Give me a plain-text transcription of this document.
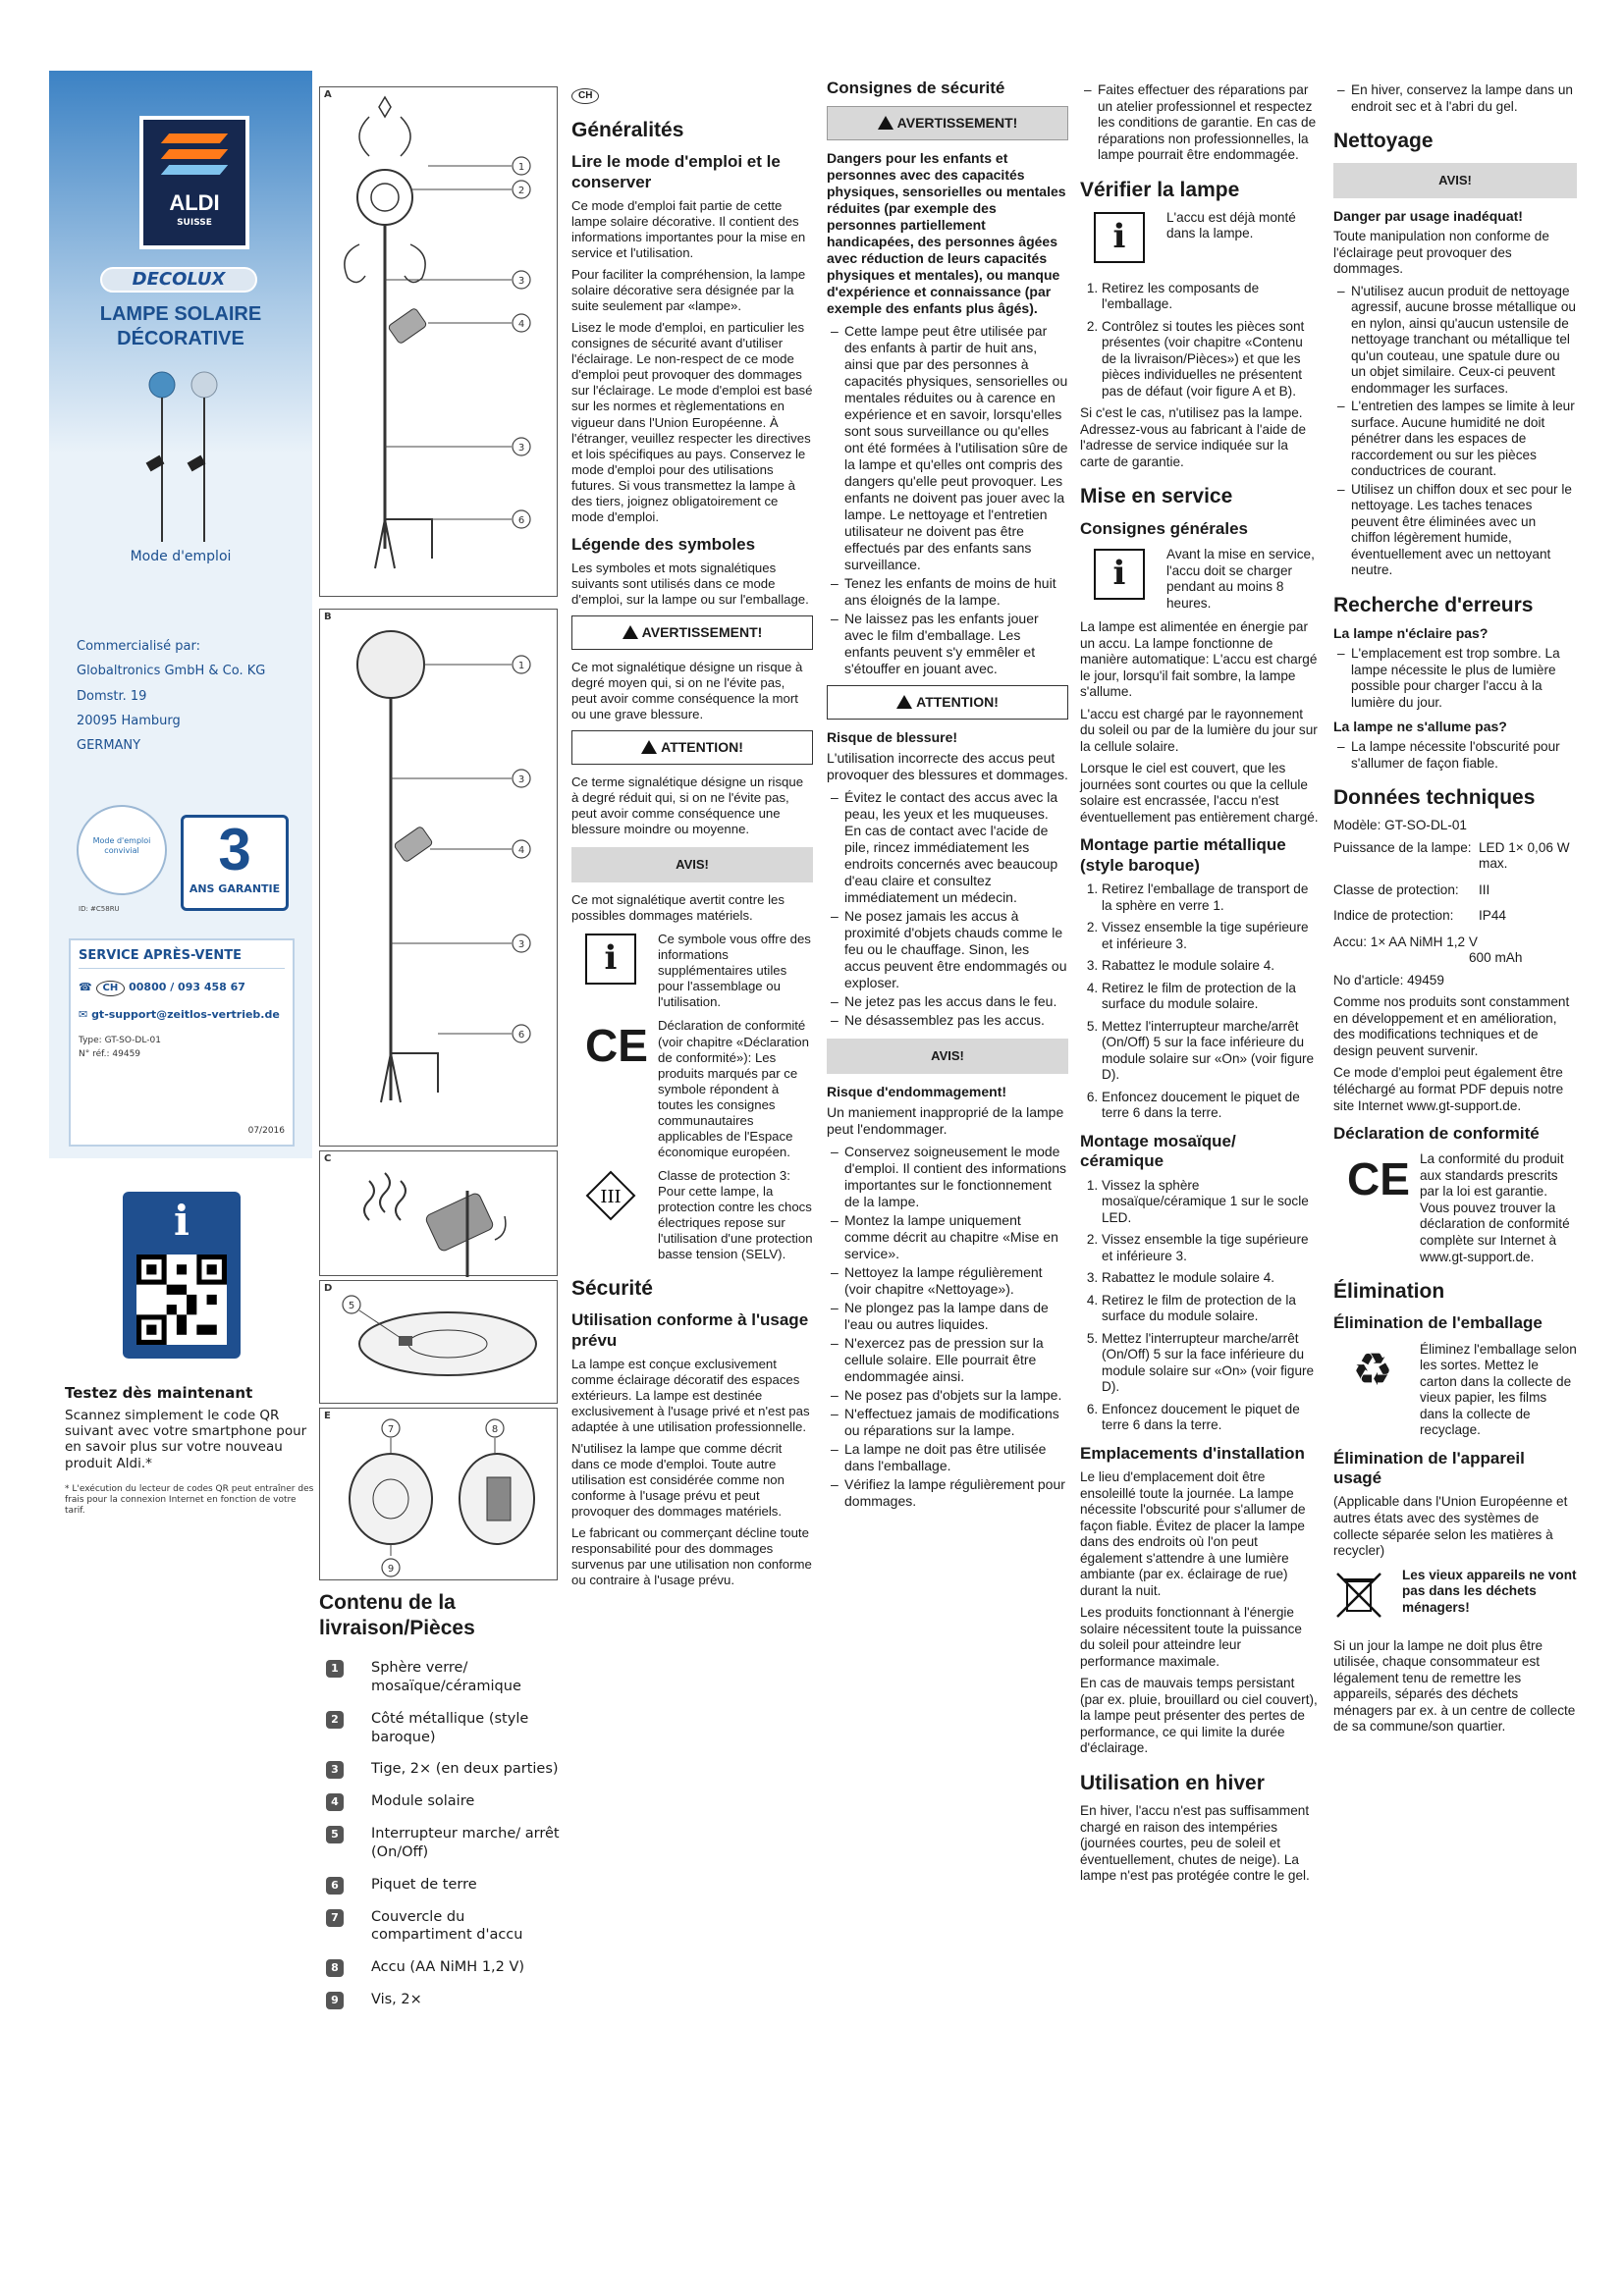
ALDI
SUISSE
DECOLUX
LAMPE SOLAIRE DÉCORATIVE
Mode d'emploi
Commercialisé par:
Globaltronics GmbH & Co. KG
Domstr. 19
20095 Hamburg
GERMANY
Mode d'emploi convivial
ID: #C58RU
3
ANS GARANTIE
SERVICE APRÈS-VENTE
☎ CH 00800 / 093 458 67
✉ gt-support@zeitlos-vertrieb.de
Type: GT-SO-DL-01
N° réf.: 49459
07/2016
i
Testez dès maintenant
Scannez simplement le code QR suivant avec votre smartphone pour en savoir plus sur votre nouveau produit Aldi.*
* L'exécution du lecteur de codes QR peut entraîner des frais pour la connexion Internet en fonction de votre tarif.
A
1
2
3
4
3
6
B
1
3
4
3
6
C
D
5
E
7	8
9
Contenu de la livraison/Pièces
1	Sphère verre/ mosaïque/céramique
2	Côté métallique (style baroque)
3	Tige, 2× (en deux parties)
4	Module solaire
5	Interrupteur marche/ arrêt (On/Off)
6	Piquet de terre
7	Couvercle du compartiment d'accu
8	Accu (AA NiMH 1,2 V)
9	Vis, 2×
CH
Généralités
Lire le mode d'emploi et le conserver

Ce mode d'emploi fait partie de cette lampe solaire décorative. Il contient des informations importantes pour la mise en service et l'utilisation.

Pour faciliter la compréhension, la lampe solaire décorative sera désignée par la suite seulement par «lampe».

Lisez le mode d'emploi, en particulier les consignes de sécurité avant d'utiliser l'éclairage. Le non-respect de ce mode d'emploi peut provoquer des dommages sur l'éclairage. Le mode d'emploi est basé sur les normes et règlementations en vigueur dans l'Union Européenne. À l'étranger, veuillez respecter les directives et lois spécifiques au pays. Conservez le mode d'emploi pour des utilisations futures. Si vous transmettez la lampe à des tiers, joignez obligatoirement ce mode d'emploi.

Légende des symboles

Les symboles et mots signalétiques suivants sont utilisés dans ce mode d'emploi, sur la lampe ou sur l'emballage.

AVERTISSEMENT!

Ce mot signalétique désigne un risque à degré moyen qui, si on ne l'évite pas, peut avoir comme conséquence la mort ou une grave blessure.

ATTENTION!

Ce terme signalétique désigne un risque à degré réduit qui, si on ne l'évite pas, peut avoir comme conséquence une blessure moindre ou moyenne.

AVIS!

Ce mot signalétique avertit contre les possibles dommages matériels.

i	Ce symbole vous offre des informations supplémentaires utiles pour l'assemblage ou l'utilisation.
CE Déclaration de conformité (voir chapitre «Déclaration de conformité»): Les produits marqués par ce symbole répondent à toutes les consignes communautaires applicables de l'Espace économique européen.
III
Classe de protection 3: Pour cette lampe, la protection contre les chocs électriques repose sur l'utilisation d'une protection basse tension (SELV).
Sécurité
Utilisation conforme à l'usage prévu

La lampe est conçue exclusivement comme éclairage décoratif des espaces extérieurs. La lampe est destinée exclusivement à l'usage privé et n'est pas adaptée à une utilisation professionnelle.

N'utilisez la lampe que comme décrit dans ce mode d'emploi. Toute autre utilisation est considérée comme non conforme à l'usage prévu et peut provoquer des dommages matériels.

Le fabricant ou commerçant décline toute responsabilité pour des dommages survenus par une utilisation non conforme ou contraire à l'usage prévu.

Consignes de sécurité
AVERTISSEMENT!

Dangers pour les enfants et personnes avec des capacités physiques, sensorielles ou mentales réduites (par exemple des personnes partiellement handicapées, des personnes âgées avec réduction de leurs capacités physiques et mentales), ou manque d'expérience et connaissance (par exemple des enfants plus âgés).

– Cette lampe peut être utilisée par des enfants à partir de huit ans, ainsi que par des personnes à capacités physiques, sensorielles ou mentales réduites ou à carence en expérience et en savoir, lorsqu'elles sont sous surveillance ou qu'elles ont été formées à l'utilisation sûre de la lampe et qu'elles ont compris des dangers qu'elle peut provoquer. Les enfants ne doivent pas jouer avec la lampe. Le nettoyage et l'entretien utilisateur ne doivent pas être effectués par des enfants sans surveillance.
– Tenez les enfants de moins de huit ans éloignés de la lampe.
– Ne laissez pas les enfants jouer avec le film d'emballage. Les enfants peuvent s'y emmêler et s'étouffer en jouant avec.
ATTENTION!
Risque de blessure!

L'utilisation incorrecte des accus peut provoquer des blessures et dommages.

– Évitez le contact des accus avec la peau, les yeux et les muqueuses. En cas de contact avec l'acide de pile, rincez immédiatement les endroits concernés avec beaucoup d'eau claire et consultez immédiatement un médecin.
– Ne posez jamais les accus à proximité d'objets chauds comme le feu ou le chauffage. Sinon, les accus peuvent être endommagés ou exploser.
– Ne jetez pas les accus dans le feu.
– Ne désassemblez pas les accus.
AVIS!
Risque d'endommagement!

Un maniement inapproprié de la lampe peut l'endommager.

– Conservez soigneusement le mode d'emploi. Il contient des informations importantes sur le fonctionnement de la lampe.
– Montez la lampe uniquement comme décrit au chapitre «Mise en service».
– Nettoyez la lampe régulièrement (voir chapitre «Nettoyage»).
– Ne plongez pas la lampe dans de l'eau ou autres liquides.
– N'exercez pas de pression sur la cellule solaire. Elle pourrait être endommagée ainsi.
– Ne posez pas d'objets sur la lampe.
– N'effectuez jamais de modifications ou réparations sur la lampe.
– La lampe ne doit pas être utilisée dans l'emballage.
– Vérifiez la lampe régulièrement pour dommages.
– Faites effectuer des réparations par un atelier professionnel et respectez les conditions de garantie. En cas de réparations non professionnelles, la lampe pourrait être endommagée.
Vérifier la lampe
i	L'accu est déjà monté dans la lampe.
1. Retirez les composants de l'emballage.
2. Contrôlez si toutes les pièces sont présentes (voir chapitre «Contenu de la livraison/Pièces») et que les pièces individuelles ne présentent pas de défaut (voir figure A et B).

Si c'est le cas, n'utilisez pas la lampe. Adressez-vous au fabricant à l'aide de l'adresse de service indiquée sur la carte de garantie.

Mise en service
Consignes générales
i	Avant la mise en service, l'accu doit se charger pendant au moins 8 heures.

La lampe est alimentée en énergie par un accu. La lampe fonctionne de manière automatique: L'accu est chargé le jour, lorsqu'il fait sombre, la lampe s'allume.

L'accu est chargé par le rayonnement du soleil ou par de la lumière du jour sur la cellule solaire.

Lorsque le ciel est couvert, que les journées sont courtes ou que la cellule solaire est encrassée, l'accu n'est éventuellement pas entièrement chargé.

Montage partie métallique (style baroque)
1. Retirez l'emballage de transport de la sphère en verre 1.
2. Vissez ensemble la tige supérieure et inférieure 3.
3. Rabattez le module solaire 4.
4. Retirez le film de protection de la surface du module solaire.
5. Mettez l'interrupteur marche/arrêt (On/Off) 5 sur la face inférieure du module solaire sur «On» (voir figure D).
6. Enfoncez doucement le piquet de terre 6 dans la terre.
Montage mosaïque/ céramique
1. Vissez la sphère mosaïque/céramique 1 sur le socle LED.
2. Vissez ensemble la tige supérieure et inférieure 3.
3. Rabattez le module solaire 4.
4. Retirez le film de protection de la surface du module solaire.
5. Mettez l'interrupteur marche/arrêt (On/Off) 5 sur la face inférieure du module solaire sur «On» (voir figure D).
6. Enfoncez doucement le piquet de terre 6 dans la terre.
Emplacements d'installation

Le lieu d'emplacement doit être ensoleillé toute la journée. La lampe nécessite l'obscurité pour s'allumer de façon fiable. Évitez de placer la lampe dans des endroits où l'on peut également s'attendre à une lumière ambiante (par ex. éclairage de rue) durant la nuit.

Les produits fonctionnant à l'énergie solaire nécessitent toute la puissance du soleil pour atteindre leur performance maximale.

En cas de mauvais temps persistant (par ex. pluie, brouillard ou ciel couvert), la lampe peut présenter des pertes de performance, ce qui limite la durée d'éclairage.

Utilisation en hiver

En hiver, l'accu n'est pas suffisamment chargé en raison des intempéries (journées courtes, peu de soleil et éventuellement, chutes de neige). La lampe n'est pas protégée contre le gel.

– En hiver, conservez la lampe dans un endroit sec et à l'abri du gel.
Nettoyage
AVIS!
Danger par usage inadéquat!

Toute manipulation non conforme de l'éclairage peut provoquer des dommages.

– N'utilisez aucun produit de nettoyage agressif, aucune brosse métallique ou en nylon, ainsi qu'aucun ustensile de nettoyage tranchant ou métallique tel qu'un couteau, une spatule dure ou un objet similaire. Ceux-ci peuvent endommager les surfaces.
– L'entretien des lampes se limite à leur surface. Aucune humidité ne doit pénétrer dans les espaces de raccordement ou sur les pièces conductrices de courant.
– Utilisez un chiffon doux et sec pour le nettoyage. Les taches tenaces peuvent être éliminées avec un chiffon légèrement humide, éventuellement avec un nettoyant neutre.
Recherche d'erreurs
La lampe n'éclaire pas?
– L'emplacement est trop sombre. La lampe nécessite le plus de lumière possible pour charger l'accu à la lumière du jour.
La lampe ne s'allume pas?
– La lampe nécessite l'obscurité pour s'allumer de façon fiable.
Données techniques

Modèle: GT-SO-DL-01

Puissance de la lampe: LED 1× 0,06 W max.
Classe de protection: III
Indice de protection: IP44

Accu: 1× AA NiMH 1,2 V

600 mAh

No d'article: 49459

Comme nos produits sont constamment en développement et en amélioration, des modifications techniques et de design peuvent survenir.

Ce mode d'emploi peut également être téléchargé au format PDF depuis notre site Internet www.gt-support.de.

Déclaration de conformité
CE La conformité du produit aux standards prescrits par la loi est garantie. Vous pouvez trouver la déclaration de conformité complète sur Internet à www.gt-support.de.
Élimination
Élimination de l'emballage
♻	Éliminez l'emballage selon les sortes. Mettez le carton dans la collecte de vieux papier, les films dans la collecte de recyclage.
Élimination de l'appareil usagé

(Applicable dans l'Union Européenne et autres états avec des systèmes de collecte séparée selon les matières à recycler)

Les vieux appareils ne vont pas dans les déchets ménagers!

Si un jour la lampe ne doit plus être utilisée, chaque consommateur est légalement tenu de remettre les appareils, séparés des déchets ménagers par ex. à un centre de collecte de sa commune/son quartier.
